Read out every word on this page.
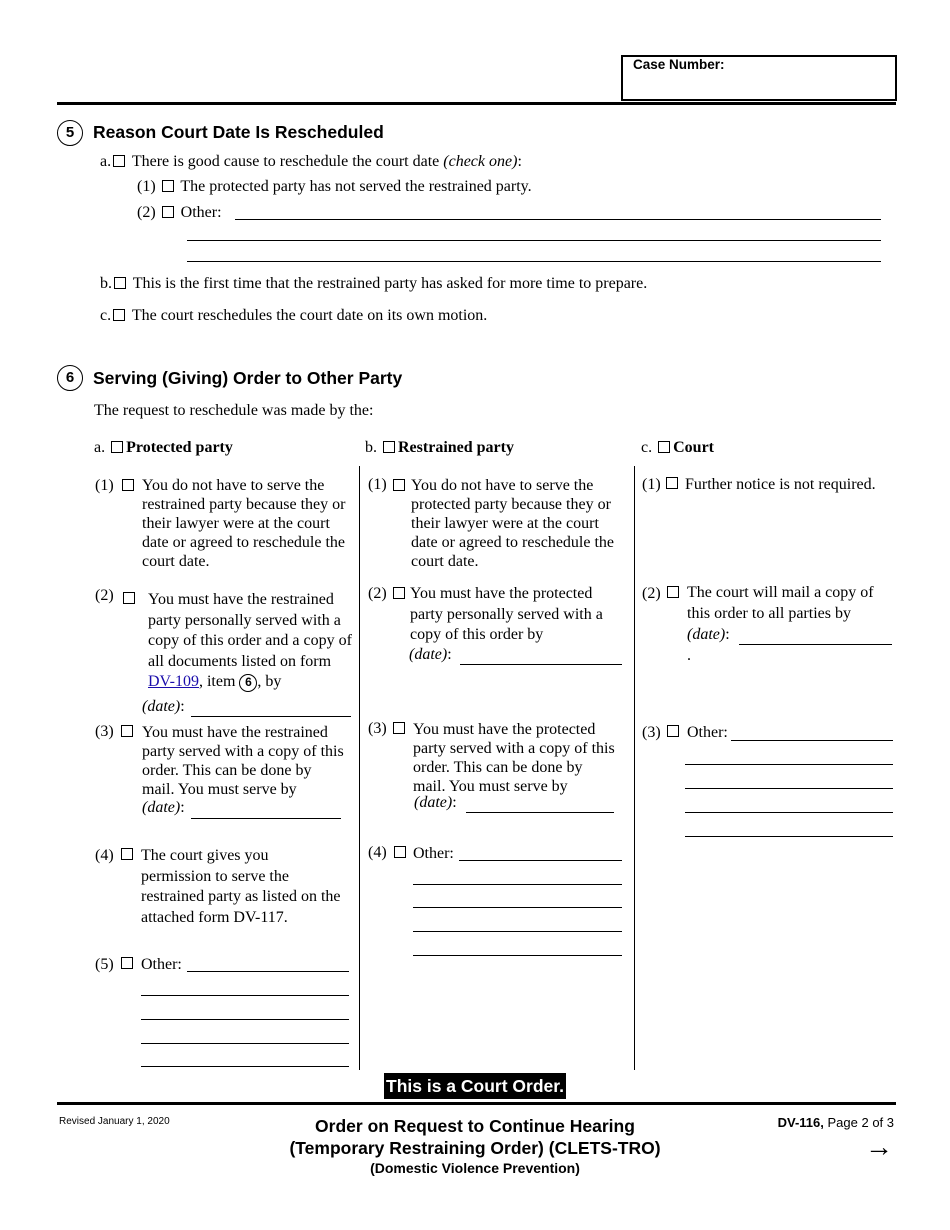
Case Number:
5	Reason Court Date Is Rescheduled
a. There is good cause to reschedule the court date (check one):
(1) The protected party has not served the restrained party.
(2) Other:
b. This is the first time that the restrained party has asked for more time to prepare.
c. The court reschedules the court date on its own motion.
6	Serving (Giving) Order to Other Party
The request to reschedule was made by the:
a. Protected party	b. Restrained party	c. Court
(1) You do not have to serve the restrained party because they or their lawyer were at the court date or agreed to reschedule the court date.
(2) You must have the restrained party personally served with a copy of this order and a copy of all documents listed on form DV-109, item 6 , by
(date):
(3) You must have the restrained party served with a copy of this order. This can be done by mail. You must serve by
(date):
(4) The court gives you permission to serve the restrained party as listed on the attached form DV-117.
(5) Other:
(1) You do not have to serve the protected party because they or their lawyer were at the court date or agreed to reschedule the court date.
(2) You must have the protected party personally served with a copy of this order by
(date):
(3) You must have the protected party served with a copy of this order. This can be done by mail. You must serve by
(date):
(4) Other:
(1) Further notice is not required.
(2) The court will mail a copy of this order to all parties by
(date):
.
(3) Other:
This is a Court Order.
Revised January 1, 2020	Order on Request to Continue Hearing
(Temporary Restraining Order) (CLETS-TRO)
(Domestic Violence Prevention)
DV-116, Page 2 of 3
→
